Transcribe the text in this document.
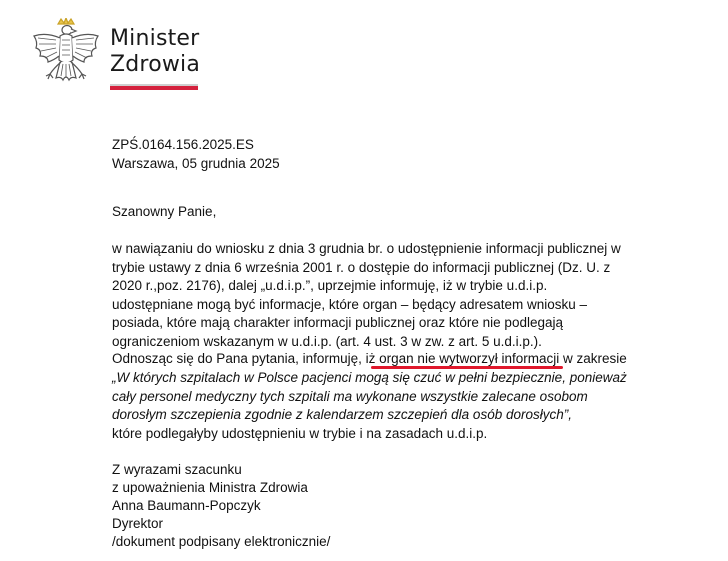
Minister
Zdrowia

ZPŚ.0164.156.2025.ES

Warszawa, 05 grudnia 2025

Szanowny Panie,

w nawiązaniu do wniosku z dnia 3 grudnia br. o udostępnienie informacji publicznej w trybie ustawy z dnia 6 września 2001 r. o dostępie do informacji publicznej (Dz. U. z 2020 r.,poz. 2176), dalej „u.d.i.p.”, uprzejmie informuję, iż w trybie u.d.i.p. udostępniane mogą być informacje, które organ – będący adresatem wniosku – posiada, które mają charakter informacji publicznej oraz które nie podlegają ograniczeniom wskazanym w u.d.i.p. (art. 4 ust. 3 w zw. z art. 5 u.d.i.p.).

Odnosząc się do Pana pytania, informuję, iż organ nie wytworzył informacji w zakresie

„W których szpitalach w Polsce pacjenci mogą się czuć w pełni bezpiecznie, ponieważ cały personel medyczny tych szpitali ma wykonane wszystkie zalecane osobom dorosłym szczepienia zgodnie z kalendarzem szczepień dla osób dorosłych”,

które podlegałyby udostępnieniu w trybie i na zasadach u.d.i.p.

Z wyrazami szacunku

z upoważnienia Ministra Zdrowia

Anna Baumann-Popczyk

Dyrektor

/dokument podpisany elektronicznie/
